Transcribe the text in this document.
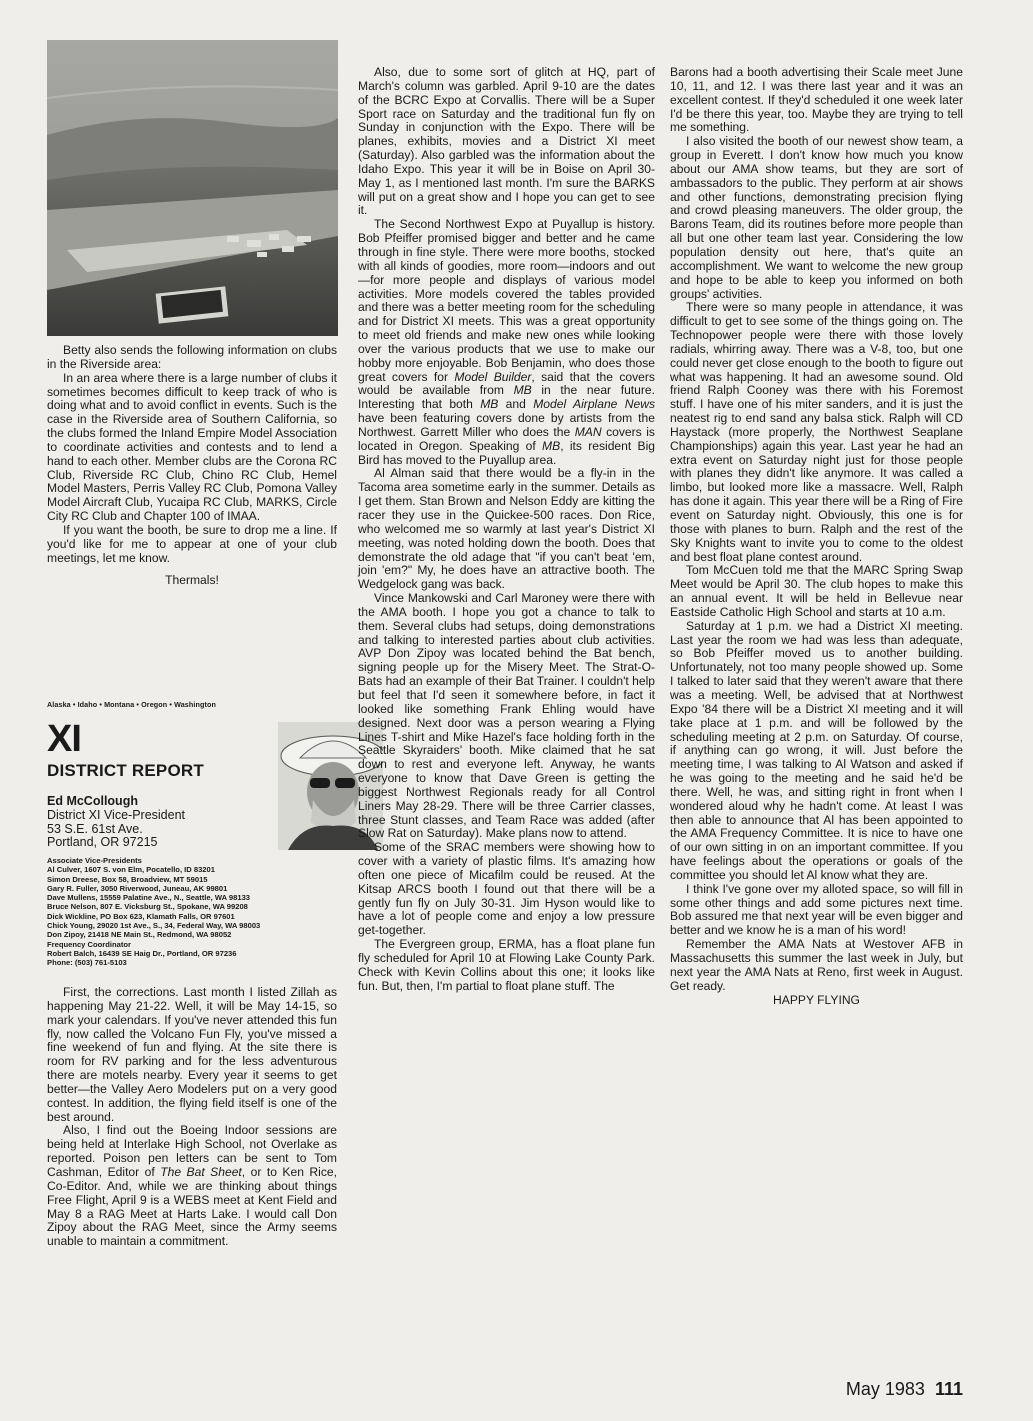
Betty also sends the following information on clubs in the Riverside area:

In an area where there is a large number of clubs it sometimes becomes difficult to keep track of who is doing what and to avoid conflict in events. Such is the case in the Riverside area of Southern California, so the clubs formed the Inland Empire Model Association to coordinate activities and contests and to lend a hand to each other. Member clubs are the Corona RC Club, Riverside RC Club, Chino RC Club, Hemel Model Masters, Perris Valley RC Club, Pomona Valley Model Aircraft Club, Yucaipa RC Club, MARKS, Circle City RC Club and Chapter 100 of IMAA.

If you want the booth, be sure to drop me a line. If you'd like for me to appear at one of your club meetings, let me know.

Thermals!

Alaska • Idaho • Montana • Oregon • Washington
XI
DISTRICT REPORT
Ed McCollough
District XI Vice-President
53 S.E. 61st Ave.
Portland, OR 97215
Associate Vice-Presidents
Al Culver, 1607 S. von Elm, Pocatello, ID 83201
Simon Dreese, Box 58, Broadview, MT 59015
Gary R. Fuller, 3050 Riverwood, Juneau, AK 99801
Dave Mullens, 15559 Palatine Ave., N., Seattle, WA 98133
Bruce Nelson, 807 E. Vicksburg St., Spokane, WA 99208
Dick Wickline, PO Box 623, Klamath Falls, OR 97601
Chick Young, 29020 1st Ave., S., 34, Federal Way, WA 98003
Don Zipoy, 21418 NE Main St., Redmond, WA 98052
Frequency Coordinator
Robert Balch, 16439 SE Haig Dr., Portland, OR 97236
Phone: (503) 761-5103

First, the corrections. Last month I listed Zillah as happening May 21-22. Well, it will be May 14-15, so mark your calendars. If you've never attended this fun fly, now called the Volcano Fun Fly, you've missed a fine weekend of fun and flying. At the site there is room for RV parking and for the less adventurous there are motels nearby. Every year it seems to get better—the Valley Aero Modelers put on a very good contest. In addition, the flying field itself is one of the best around.

Also, I find out the Boeing Indoor sessions are being held at Interlake High School, not Overlake as reported. Poison pen letters can be sent to Tom Cashman, Editor of The Bat Sheet, or to Ken Rice, Co-Editor. And, while we are thinking about things Free Flight, April 9 is a WEBS meet at Kent Field and May 8 a RAG Meet at Harts Lake. I would call Don Zipoy about the RAG Meet, since the Army seems unable to maintain a commitment.

Also, due to some sort of glitch at HQ, part of March's column was garbled. April 9-10 are the dates of the BCRC Expo at Corvallis. There will be a Super Sport race on Saturday and the traditional fun fly on Sunday in conjunction with the Expo. There will be planes, exhibits, movies and a District XI meet (Saturday). Also garbled was the information about the Idaho Expo. This year it will be in Boise on April 30-May 1, as I mentioned last month. I'm sure the BARKS will put on a great show and I hope you can get to see it.

The Second Northwest Expo at Puyallup is history. Bob Pfeiffer promised bigger and better and he came through in fine style. There were more booths, stocked with all kinds of goodies, more room—indoors and out—for more people and displays of various model activities. More models covered the tables provided and there was a better meeting room for the scheduling and for District XI meets. This was a great opportunity to meet old friends and make new ones while looking over the various products that we use to make our hobby more enjoyable. Bob Benjamin, who does those great covers for Model Builder, said that the covers would be available from MB in the near future. Interesting that both MB and Model Airplane News have been featuring covers done by artists from the Northwest. Garrett Miller who does the MAN covers is located in Oregon. Speaking of MB, its resident Big Bird has moved to the Puyallup area.

Al Alman said that there would be a fly-in in the Tacoma area sometime early in the summer. Details as I get them. Stan Brown and Nelson Eddy are kitting the racer they use in the Quickee-500 races. Don Rice, who welcomed me so warmly at last year's District XI meeting, was noted holding down the booth. Does that demonstrate the old adage that "if you can't beat 'em, join 'em?" My, he does have an attractive booth. The Wedgelock gang was back.

Vince Mankowski and Carl Maroney were there with the AMA booth. I hope you got a chance to talk to them. Several clubs had setups, doing demonstrations and talking to interested parties about club activities. AVP Don Zipoy was located behind the Bat bench, signing people up for the Misery Meet. The Strat-O-Bats had an example of their Bat Trainer. I couldn't help but feel that I'd seen it somewhere before, in fact it looked like something Frank Ehling would have designed. Next door was a person wearing a Flying Lines T-shirt and Mike Hazel's face holding forth in the Seattle Skyraiders' booth. Mike claimed that he sat down to rest and everyone left. Anyway, he wants everyone to know that Dave Green is getting the biggest Northwest Regionals ready for all Control Liners May 28-29. There will be three Carrier classes, three Stunt classes, and Team Race was added (after Slow Rat on Saturday). Make plans now to attend.

Some of the SRAC members were showing how to cover with a variety of plastic films. It's amazing how often one piece of Micafilm could be reused. At the Kitsap ARCS booth I found out that there will be a gently fun fly on July 30-31. Jim Hyson would like to have a lot of people come and enjoy a low pressure get-together.

The Evergreen group, ERMA, has a float plane fun fly scheduled for April 10 at Flowing Lake County Park. Check with Kevin Collins about this one; it looks like fun. But, then, I'm partial to float plane stuff. The

Barons had a booth advertising their Scale meet June 10, 11, and 12. I was there last year and it was an excellent contest. If they'd scheduled it one week later I'd be there this year, too. Maybe they are trying to tell me something.

I also visited the booth of our newest show team, a group in Everett. I don't know how much you know about our AMA show teams, but they are sort of ambassadors to the public. They perform at air shows and other functions, demonstrating precision flying and crowd pleasing maneuvers. The older group, the Barons Team, did its routines before more people than all but one other team last year. Considering the low population density out here, that's quite an accomplishment. We want to welcome the new group and hope to be able to keep you informed on both groups' activities.

There were so many people in attendance, it was difficult to get to see some of the things going on. The Technopower people were there with those lovely radials, whirring away. There was a V-8, too, but one could never get close enough to the booth to figure out what was happening. It had an awesome sound. Old friend Ralph Cooney was there with his Foremost stuff. I have one of his miter sanders, and it is just the neatest rig to end sand any balsa stick. Ralph will CD Haystack (more properly, the Northwest Seaplane Championships) again this year. Last year he had an extra event on Saturday night just for those people with planes they didn't like anymore. It was called a limbo, but looked more like a massacre. Well, Ralph has done it again. This year there will be a Ring of Fire event on Saturday night. Obviously, this one is for those with planes to burn. Ralph and the rest of the Sky Knights want to invite you to come to the oldest and best float plane contest around.

Tom McCuen told me that the MARC Spring Swap Meet would be April 30. The club hopes to make this an annual event. It will be held in Bellevue near Eastside Catholic High School and starts at 10 a.m.

Saturday at 1 p.m. we had a District XI meeting. Last year the room we had was less than adequate, so Bob Pfeiffer moved us to another building. Unfortunately, not too many people showed up. Some I talked to later said that they weren't aware that there was a meeting. Well, be advised that at Northwest Expo '84 there will be a District XI meeting and it will take place at 1 p.m. and will be followed by the scheduling meeting at 2 p.m. on Saturday. Of course, if anything can go wrong, it will. Just before the meeting time, I was talking to Al Watson and asked if he was going to the meeting and he said he'd be there. Well, he was, and sitting right in front when I wondered aloud why he hadn't come. At least I was then able to announce that Al has been appointed to the AMA Frequency Committee. It is nice to have one of our own sitting in on an important committee. If you have feelings about the operations or goals of the committee you should let Al know what they are.

I think I've gone over my alloted space, so will fill in some other things and add some pictures next time. Bob assured me that next year will be even bigger and better and we know he is a man of his word!

Remember the AMA Nats at Westover AFB in Massachusetts this summer the last week in July, but next year the AMA Nats at Reno, first week in August. Get ready.

HAPPY FLYING

May 1983 111
